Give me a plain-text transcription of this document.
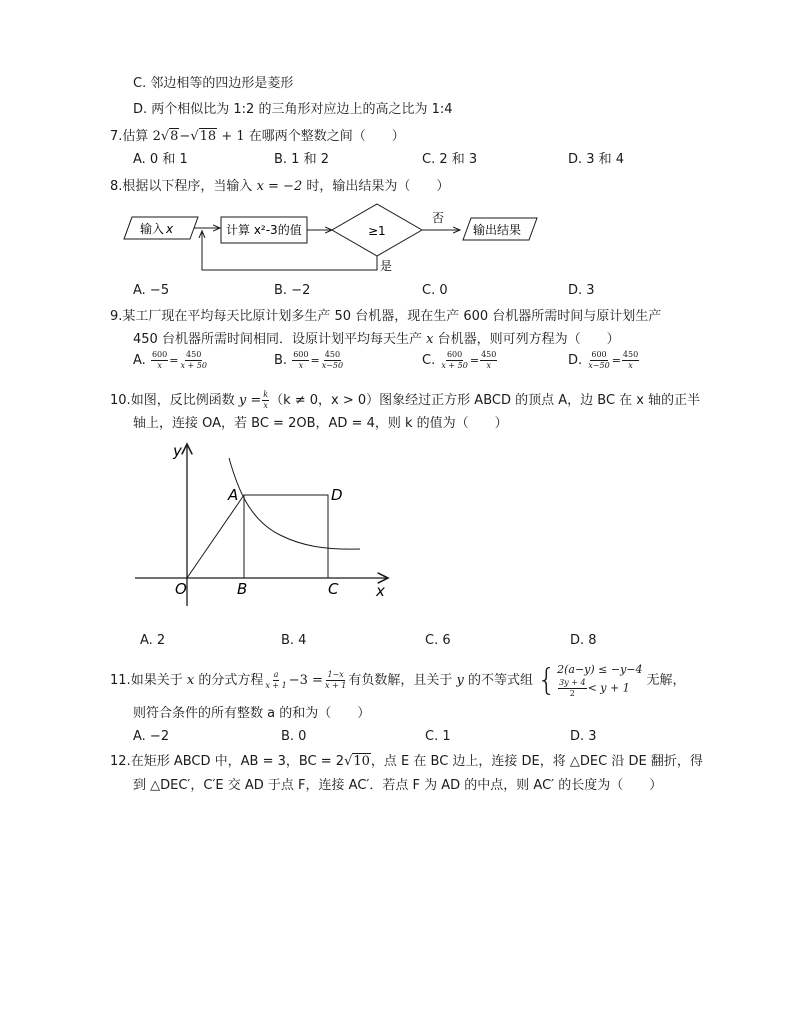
C. 邻边相等的四边形是菱形
D. 两个相似比为 1:2 的三角形对应边上的高之比为 1:4
7.估算 2√8−√18 + 1 在哪两个整数之间（　　）
A. 0 和 1	B. 1 和 2	C. 2 和 3	D. 3 和 4
8.根据以下程序，当输入 x = −2 时，输出结果为（　　）
输入 x	计算 x²-3的值	≥1
否
输出结果
是
A. −5	B. −2	C. 0	D. 3
9.某工厂现在平均每天比原计划多生产 50 台机器，现在生产 600 台机器所需时间与原计划生产
450 台机器所需时间相同．设原计划平均每天生产 x 台机器，则可列方程为（　　）
A. $\frac{600}{x} = \frac{450}{x + 50}$	B. $\frac{600}{x} = \frac{450}{x-50}$	C. $\frac{600}{x + 50} = \frac{450}{x}$	D. $\frac{600}{x-50} = \frac{450}{x}$
10.如图，反比例函数 $y = \frac{k}{x} (k \ne 0$，x > 0）图象经过正方形 ABCD 的顶点 A，边 BC 在 x 轴的正半
轴上，连接 OA，若 BC = 2OB，AD = 4，则 k 的值为（　　）
y
x
O
A
B	C
D
A. 2	B. 4	C. 6	D. 8
11.如果关于 x 的分式方程 $\frac{a}{x + 1} -3 = \frac{1-x}{x + 1}$ 有负数解，且关于 y 的不等式组 { 2(a−y) ≤ −y−4
$\frac{3y + 4}{2} < y + 1$	无解，
则符合条件的所有整数 a 的和为（　　）
A. −2	B. 0	C. 1	D. 3
12.在矩形 ABCD 中，AB = 3，BC = 2√10，点 E 在 BC 边上，连接 DE，将 △DEC 沿 DE 翻折，得
到 △DEC′，C′E 交 AD 于点 F，连接 AC′．若点 F 为 AD 的中点，则 AC′ 的长度为（　　）
